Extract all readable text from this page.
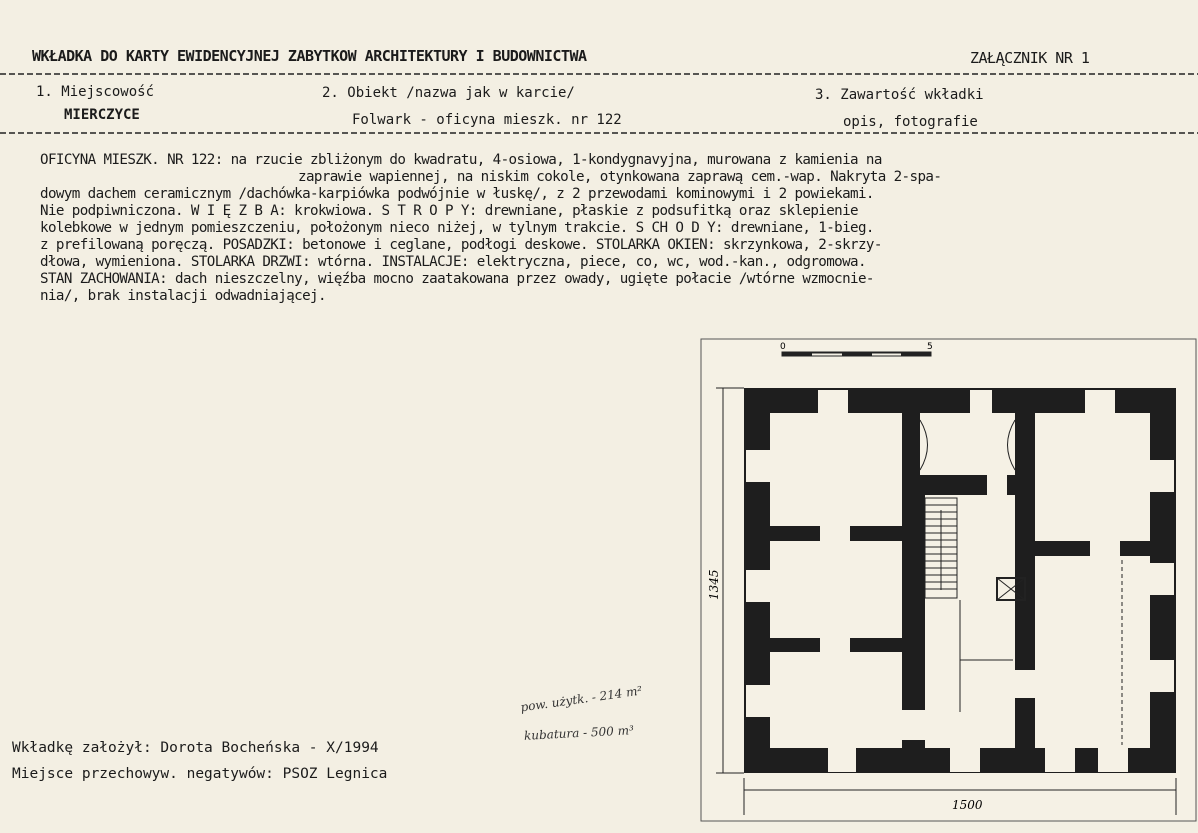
WKŁADKA DO KARTY EWIDENCYJNEJ ZABYTKOW ARCHITEKTURY I BUDOWNICTWA	ZAŁĄCZNIK NR 1
1. Miejscowość
MIERCZYCE
2. Obiekt /nazwa jak w karcie/
Folwark - oficyna mieszk. nr 122
3. Zawartość wkładki
opis, fotografie

OFICYNA MIESZK. NR 122: na rzucie zbliżonym do kwadratu, 4-osiowa, 1-kondygnavyjna, murowana z kamienia na

zaprawie wapiennej, na niskim cokole, otynkowana zaprawą cem.-wap. Nakryta 2-spa-

dowym dachem ceramicznym /dachówka-karpiówka podwójnie w łuskę/, z 2 przewodami kominowymi i 2 powiekami.

Nie podpiwniczona. W I Ę Z B A: krokwiowa. S T R O P Y: drewniane, płaskie z podsufitką oraz sklepienie

kolebkowe w jednym pomieszczeniu, położonym nieco niżej, w tylnym trakcie. S CH O D Y: drewniane, 1-bieg.

z prefilowaną poręczą. POSADZKI: betonowe i ceglane, podłogi deskowe. STOLARKA OKIEN: skrzynkowa, 2-skrzy-

dłowa, wymieniona. STOLARKA DRZWI: wtórna. INSTALACJE: elektryczna, piece, co, wc, wod.-kan., odgromowa.

STAN ZACHOWANIA: dach nieszczelny, więźba mocno zaatakowana przez owady, ugięte połacie /wtórne wzmocnie-

nia/, brak instalacji odwadniającej.

pow. użytk. - 214 m²
kubatura - 500 m³
Wkładkę założył: Dorota Bocheńska - X/1994
Miejsce przechowyw. negatywów: PSOZ Legnica
0	5
1345
1500
